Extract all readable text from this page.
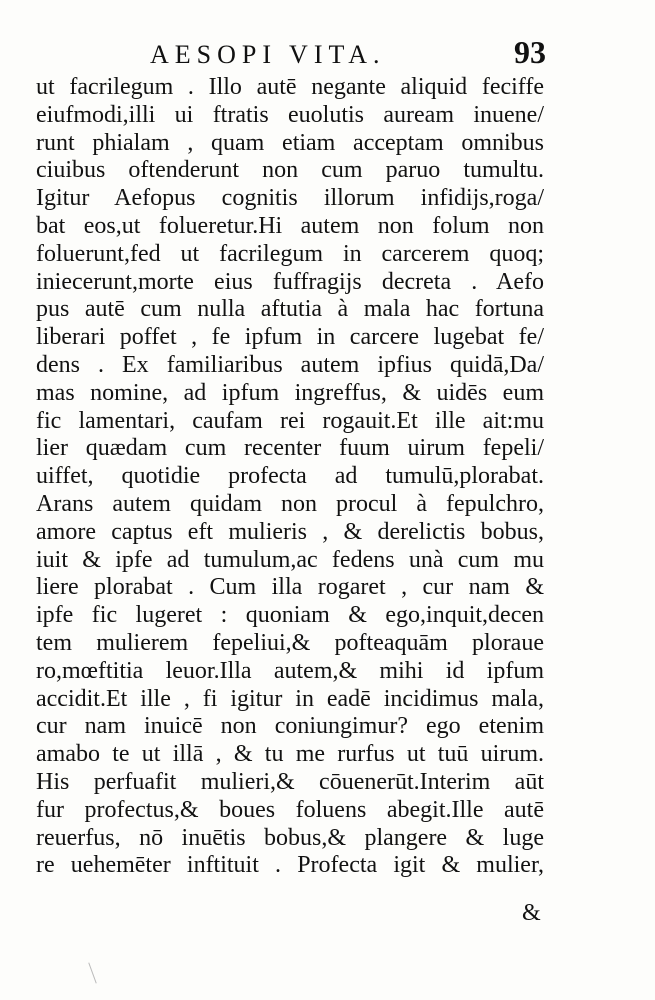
AESOPI VITA.	93
ut facrilegum . Illo autē negante aliquid feciffe
eiufmodi,illi ui ftratis euolutis auream inuene/
runt phialam , quam etiam acceptam omnibus
ciuibus oftenderunt non cum paruo tumultu.
Igitur Aefopus cognitis illorum infidijs,roga/
bat eos,ut folueretur.Hi autem non folum non
foluerunt,fed ut facrilegum in carcerem quoq;
iniecerunt,morte eius fuffragijs decreta . Aefo
pus autē cum nulla aftutia à mala hac fortuna
liberari poffet , fe ipfum in carcere lugebat fe/
dens . Ex familiaribus autem ipfius quidā,Da/
mas nomine, ad ipfum ingreffus, & uidēs eum
fic lamentari, caufam rei rogauit.Et ille ait:mu
lier quædam cum recenter fuum uirum fepeli/
uiffet, quotidie profecta ad tumulū,plorabat.
Arans autem quidam non procul à fepulchro,
amore captus eft mulieris , & derelictis bobus,
iuit & ipfe ad tumulum,ac fedens unà cum mu
liere plorabat . Cum illa rogaret , cur nam &
ipfe fic lugeret : quoniam & ego,inquit,decen
tem mulierem fepeliui,& pofteaquām ploraue
ro,mœftitia leuor.Illa autem,& mihi id ipfum
accidit.Et ille , fi igitur in eadē incidimus mala,
cur nam inuicē non coniungimur? ego etenim
amabo te ut illā , & tu me rurfus ut tuū uirum.
His perfuafit mulieri,& cōuenerūt.Interim aūt
fur profectus,& boues foluens abegit.Ille autē
reuerfus, nō inuētis bobus,& plangere & luge
re uehemēter inftituit . Profecta igit & mulier,
&
